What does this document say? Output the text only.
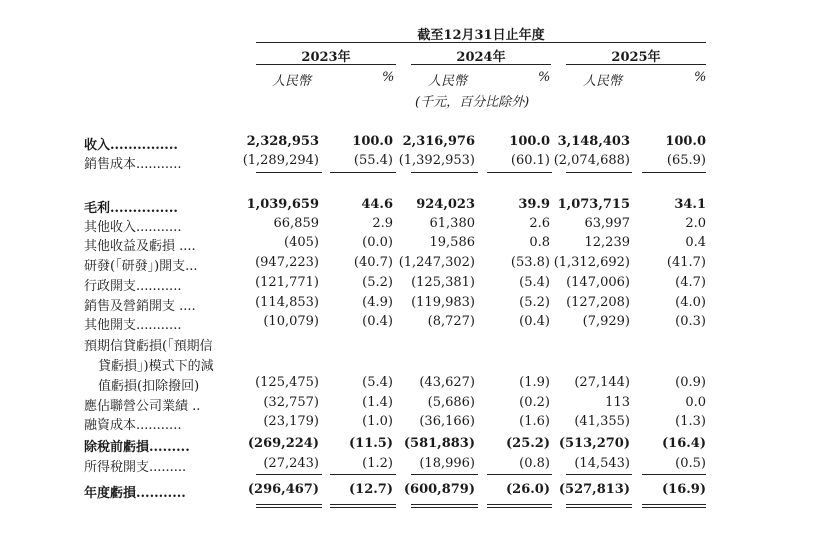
截至12月31日止年度
2023年	2024年	2025年
人民幣	%	人民幣	%	人民幣	%
(千元，百分比除外)
收入...............	2,328,953	100.0 2,316,976	100.0 3,148,403	100.0
銷售成本...........	(1,289,294)	(55.4) (1,392,953)	(60.1) (2,074,688)	(65.9)
毛利...............	1,039,659	44.6	924,023	39.9 1,073,715	34.1
其他收入...........	66,859	2.9	61,380	2.6	63,997	2.0
其他收益及虧損 ....	(405)	(0.0)	19,586	0.8	12,239	0.4
研發(「研發」)開支...	(947,223)	(40.7) (1,247,302)	(53.8) (1,312,692)	(41.7)
行政開支...........	(121,771)	(5.2)	(125,381)	(5.4)	(147,006)	(4.7)
銷售及營銷開支 ....	(114,853)	(4.9)	(119,983)	(5.2)	(127,208)	(4.0)
其他開支...........	(10,079)	(0.4)	(8,727)	(0.4)	(7,929)	(0.3)
預期信貸虧損(「預期信
貸虧損」)模式下的減
值虧損(扣除撥回)	(125,475)	(5.4)	(43,627)	(1.9)	(27,144)	(0.9)
應佔聯營公司業績 ..	(32,757)	(1.4)	(5,686)	(0.2)	113	0.0
融資成本...........	(23,179)	(1.0)	(36,166)	(1.6)	(41,355)	(1.3)
除稅前虧損.........	(269,224)	(11.5) (581,883)	(25.2) (513,270)	(16.4)
所得稅開支.........	(27,243)	(1.2)	(18,996)	(0.8)	(14,543)	(0.5)
年度虧損...........	(296,467)	(12.7) (600,879)	(26.0) (527,813)	(16.9)
